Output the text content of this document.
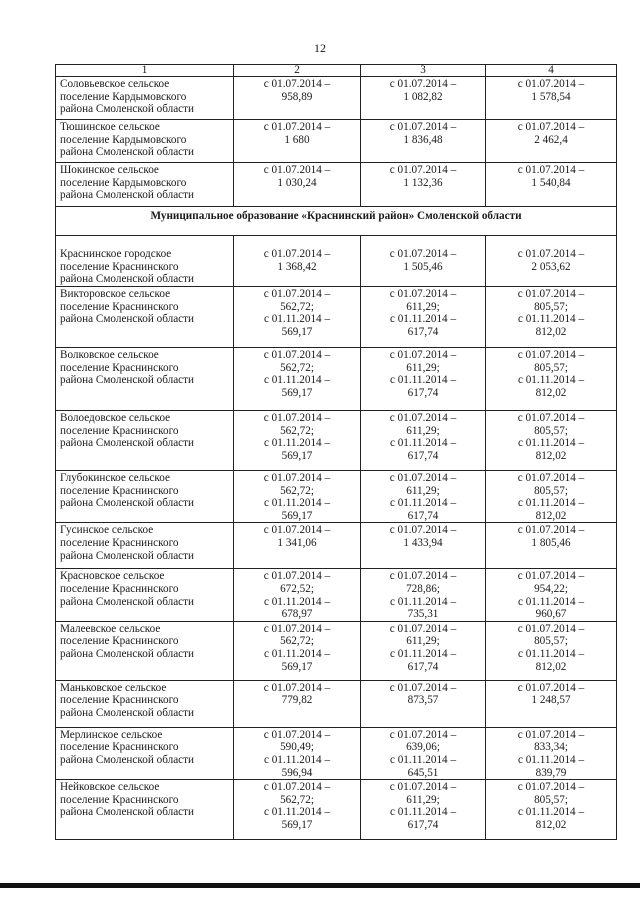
12
1	2	3	4

Соловьевское сельское
поселение Кардымовского
района Смоленской области	с 01.07.2014 –
958,89	с 01.07.2014 –
1 082,82	с 01.07.2014 –
1 578,54

Тюшинское сельское
поселение Кардымовского
района Смоленской области	с 01.07.2014 –
1 680	с 01.07.2014 –
1 836,48	с 01.07.2014 –
2 462,4

Шокинское сельское
поселение Кардымовского
района Смоленской области	с 01.07.2014 –
1 030,24	с 01.07.2014 –
1 132,36	с 01.07.2014 –
1 540,84

Муниципальное образование «Краснинский район» Смоленской области			

Краснинское городское
поселение Краснинского
района Смоленской области	с 01.07.2014 –
1 368,42	с 01.07.2014 –
1 505,46	с 01.07.2014 –
2 053,62

Викторовское сельское
поселение Краснинского
района Смоленской области	с 01.07.2014 –
562,72;
с 01.11.2014 –
569,17	с 01.07.2014 –
611,29;
с 01.11.2014 –
617,74	с 01.07.2014 –
805,57;
с 01.11.2014 –
812,02

Волковское сельское
поселение Краснинского
района Смоленской области	с 01.07.2014 –
562,72;
с 01.11.2014 –
569,17	с 01.07.2014 –
611,29;
с 01.11.2014 –
617,74	с 01.07.2014 –
805,57;
с 01.11.2014 –
812,02

Волоедовское сельское
поселение Краснинского
района Смоленской области	с 01.07.2014 –
562,72;
с 01.11.2014 –
569,17	с 01.07.2014 –
611,29;
с 01.11.2014 –
617,74	с 01.07.2014 –
805,57;
с 01.11.2014 –
812,02

Глубокинское сельское
поселение Краснинского
района Смоленской области	с 01.07.2014 –
562,72;
с 01.11.2014 –
569,17	с 01.07.2014 –
611,29;
с 01.11.2014 –
617,74	с 01.07.2014 –
805,57;
с 01.11.2014 –
812,02

Гусинское сельское
поселение Краснинского
района Смоленской области	с 01.07.2014 –
1 341,06	с 01.07.2014 –
1 433,94	с 01.07.2014 –
1 805,46

Красновское сельское
поселение Краснинского
района Смоленской области	с 01.07.2014 –
672,52;
с 01.11.2014 –
678,97	с 01.07.2014 –
728,86;
с 01.11.2014 –
735,31	с 01.07.2014 –
954,22;
с 01.11.2014 –
960,67

Малеевское сельское
поселение Краснинского
района Смоленской области	с 01.07.2014 –
562,72;
с 01.11.2014 –
569,17	с 01.07.2014 –
611,29;
с 01.11.2014 –
617,74	с 01.07.2014 –
805,57;
с 01.11.2014 –
812,02

Маньковское сельское
поселение Краснинского
района Смоленской области	с 01.07.2014 –
779,82	с 01.07.2014 –
873,57	с 01.07.2014 –
1 248,57

Мерлинское сельское
поселение Краснинского
района Смоленской области	с 01.07.2014 –
590,49;
с 01.11.2014 –
596,94	с 01.07.2014 –
639,06;
с 01.11.2014 –
645,51	с 01.07.2014 –
833,34;
с 01.11.2014 –
839,79

Нейковское сельское
поселение Краснинского
района Смоленской области	с 01.07.2014 –
562,72;
с 01.11.2014 –
569,17	с 01.07.2014 –
611,29;
с 01.11.2014 –
617,74	с 01.07.2014 –
805,57;
с 01.11.2014 –
812,02
